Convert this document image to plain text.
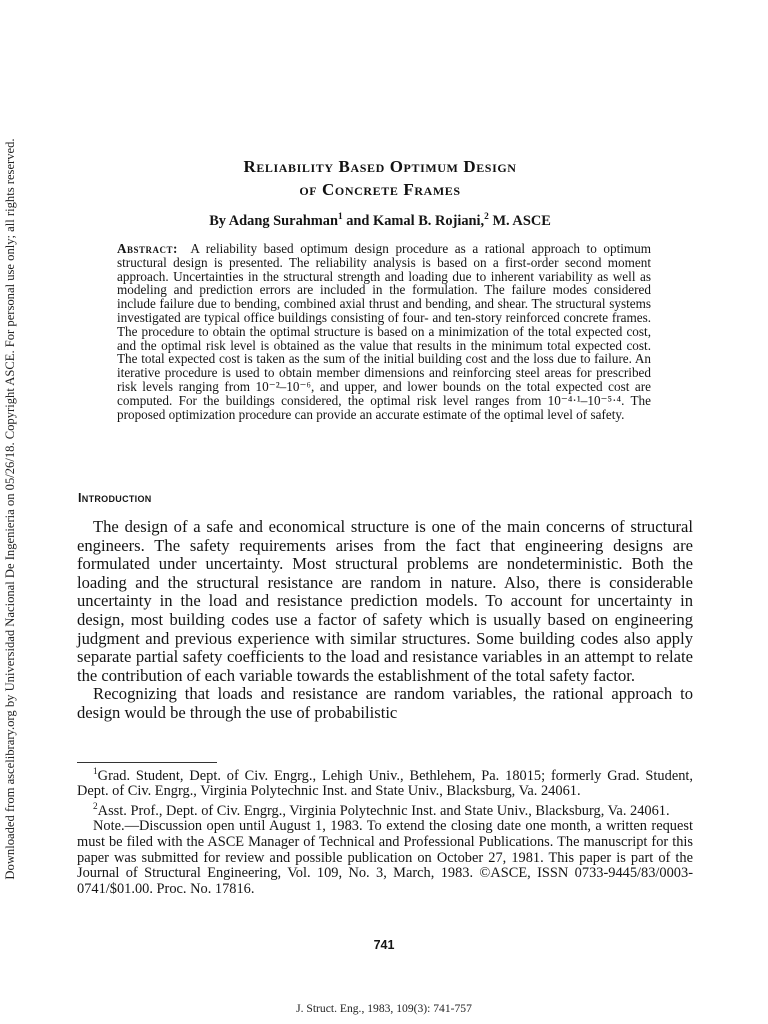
Downloaded from ascelibrary.org by Universidad Nacional De Ingenieria on 05/26/18. Copyright ASCE. For personal use only; all rights reserved.	Reliability Based Optimum Design
of Concrete Frames
By Adang Surahman$^1$ and Kamal B. Rojiani,$^2$ M. ASCE
Abstract: A reliability based optimum design procedure as a rational approach to optimum structural design is presented. The reliability analysis is based on a first-order second moment approach. Uncertainties in the structural strength and loading due to inherent variability as well as modeling and prediction errors are included in the formulation. The failure modes considered include failure due to bending, combined axial thrust and bending, and shear. The structural systems investigated are typical office buildings consisting of four- and ten-story reinforced concrete frames. The procedure to obtain the optimal structure is based on a minimization of the total expected cost, and the optimal risk level is obtained as the value that results in the minimum total expected cost. The total expected cost is taken as the sum of the initial building cost and the loss due to failure. An iterative procedure is used to obtain member dimensions and reinforcing steel areas for prescribed risk levels ranging from 10⁻²–10⁻⁶, and upper, and lower bounds on the total expected cost are computed. For the buildings considered, the optimal risk level ranges from 10⁻⁴·¹–10⁻⁵·⁴. The proposed optimization procedure can provide an accurate estimate of the optimal level of safety.
Introduction

The design of a safe and economical structure is one of the main concerns of structural engineers. The safety requirements arises from the fact that engineering designs are formulated under uncertainty. Most structural problems are nondeterministic. Both the loading and the structural resistance are random in nature. Also, there is considerable uncertainty in the load and resistance prediction models. To account for uncertainty in design, most building codes use a factor of safety which is usually based on engineering judgment and previous experience with similar structures. Some building codes also apply separate partial safety coefficients to the load and resistance variables in an attempt to relate the contribution of each variable towards the establishment of the total safety factor.

Recognizing that loads and resistance are random variables, the rational approach to design would be through the use of probabilistic

$^1$Grad. Student, Dept. of Civ. Engrg., Lehigh Univ., Bethlehem, Pa. 18015; formerly Grad. Student, Dept. of Civ. Engrg., Virginia Polytechnic Inst. and State Univ., Blacksburg, Va. 24061.

$^2$Asst. Prof., Dept. of Civ. Engrg., Virginia Polytechnic Inst. and State Univ., Blacksburg, Va. 24061.

Note.—Discussion open until August 1, 1983. To extend the closing date one month, a written request must be filed with the ASCE Manager of Technical and Professional Publications. The manuscript for this paper was submitted for review and possible publication on October 27, 1981. This paper is part of the Journal of Structural Engineering, Vol. 109, No. 3, March, 1983. ©ASCE, ISSN 0733-9445/83/0003-0741/$01.00. Proc. No. 17816.

741
J. Struct. Eng., 1983, 109(3): 741-757
